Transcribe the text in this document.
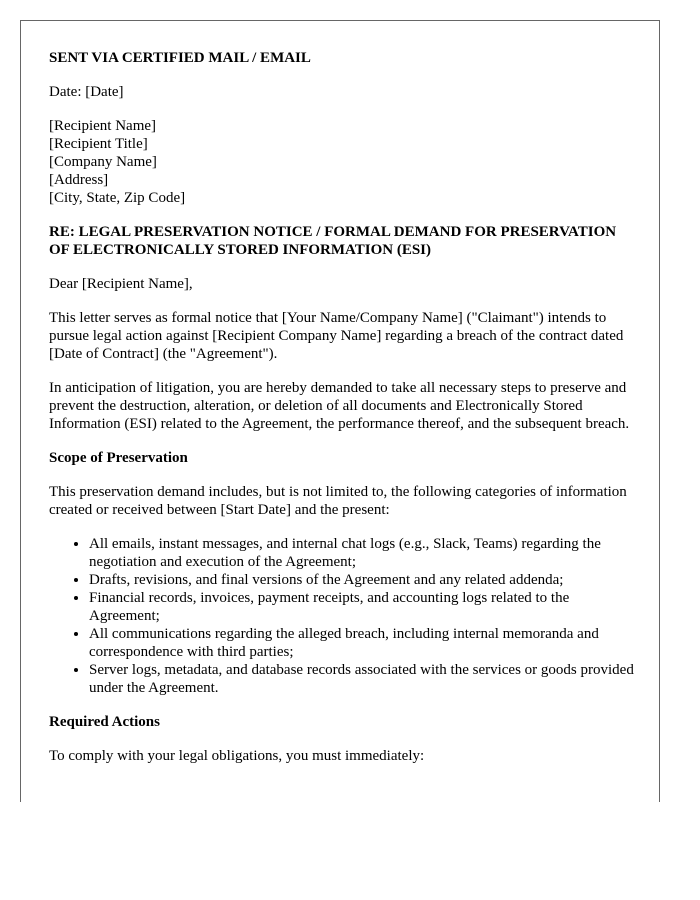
SENT VIA CERTIFIED MAIL / EMAIL

Date: [Date]

[Recipient Name]
[Recipient Title]
[Company Name]
[Address]
[City, State, Zip Code]

RE: LEGAL PRESERVATION NOTICE / FORMAL DEMAND FOR PRESERVATION OF ELECTRONICALLY STORED INFORMATION (ESI)

Dear [Recipient Name],

This letter serves as formal notice that [Your Name/Company Name] ("Claimant") intends to pursue legal action against [Recipient Company Name] regarding a breach of the contract dated [Date of Contract] (the "Agreement").

In anticipation of litigation, you are hereby demanded to take all necessary steps to preserve and prevent the destruction, alteration, or deletion of all documents and Electronically Stored Information (ESI) related to the Agreement, the performance thereof, and the subsequent breach.

Scope of Preservation

This preservation demand includes, but is not limited to, the following categories of information created or received between [Start Date] and the present:

• All emails, instant messages, and internal chat logs (e.g., Slack, Teams) regarding the negotiation and execution of the Agreement;
• Drafts, revisions, and final versions of the Agreement and any related addenda;
• Financial records, invoices, payment receipts, and accounting logs related to the Agreement;
• All communications regarding the alleged breach, including internal memoranda and correspondence with third parties;
• Server logs, metadata, and database records associated with the services or goods provided under the Agreement.

Required Actions

To comply with your legal obligations, you must immediately:
